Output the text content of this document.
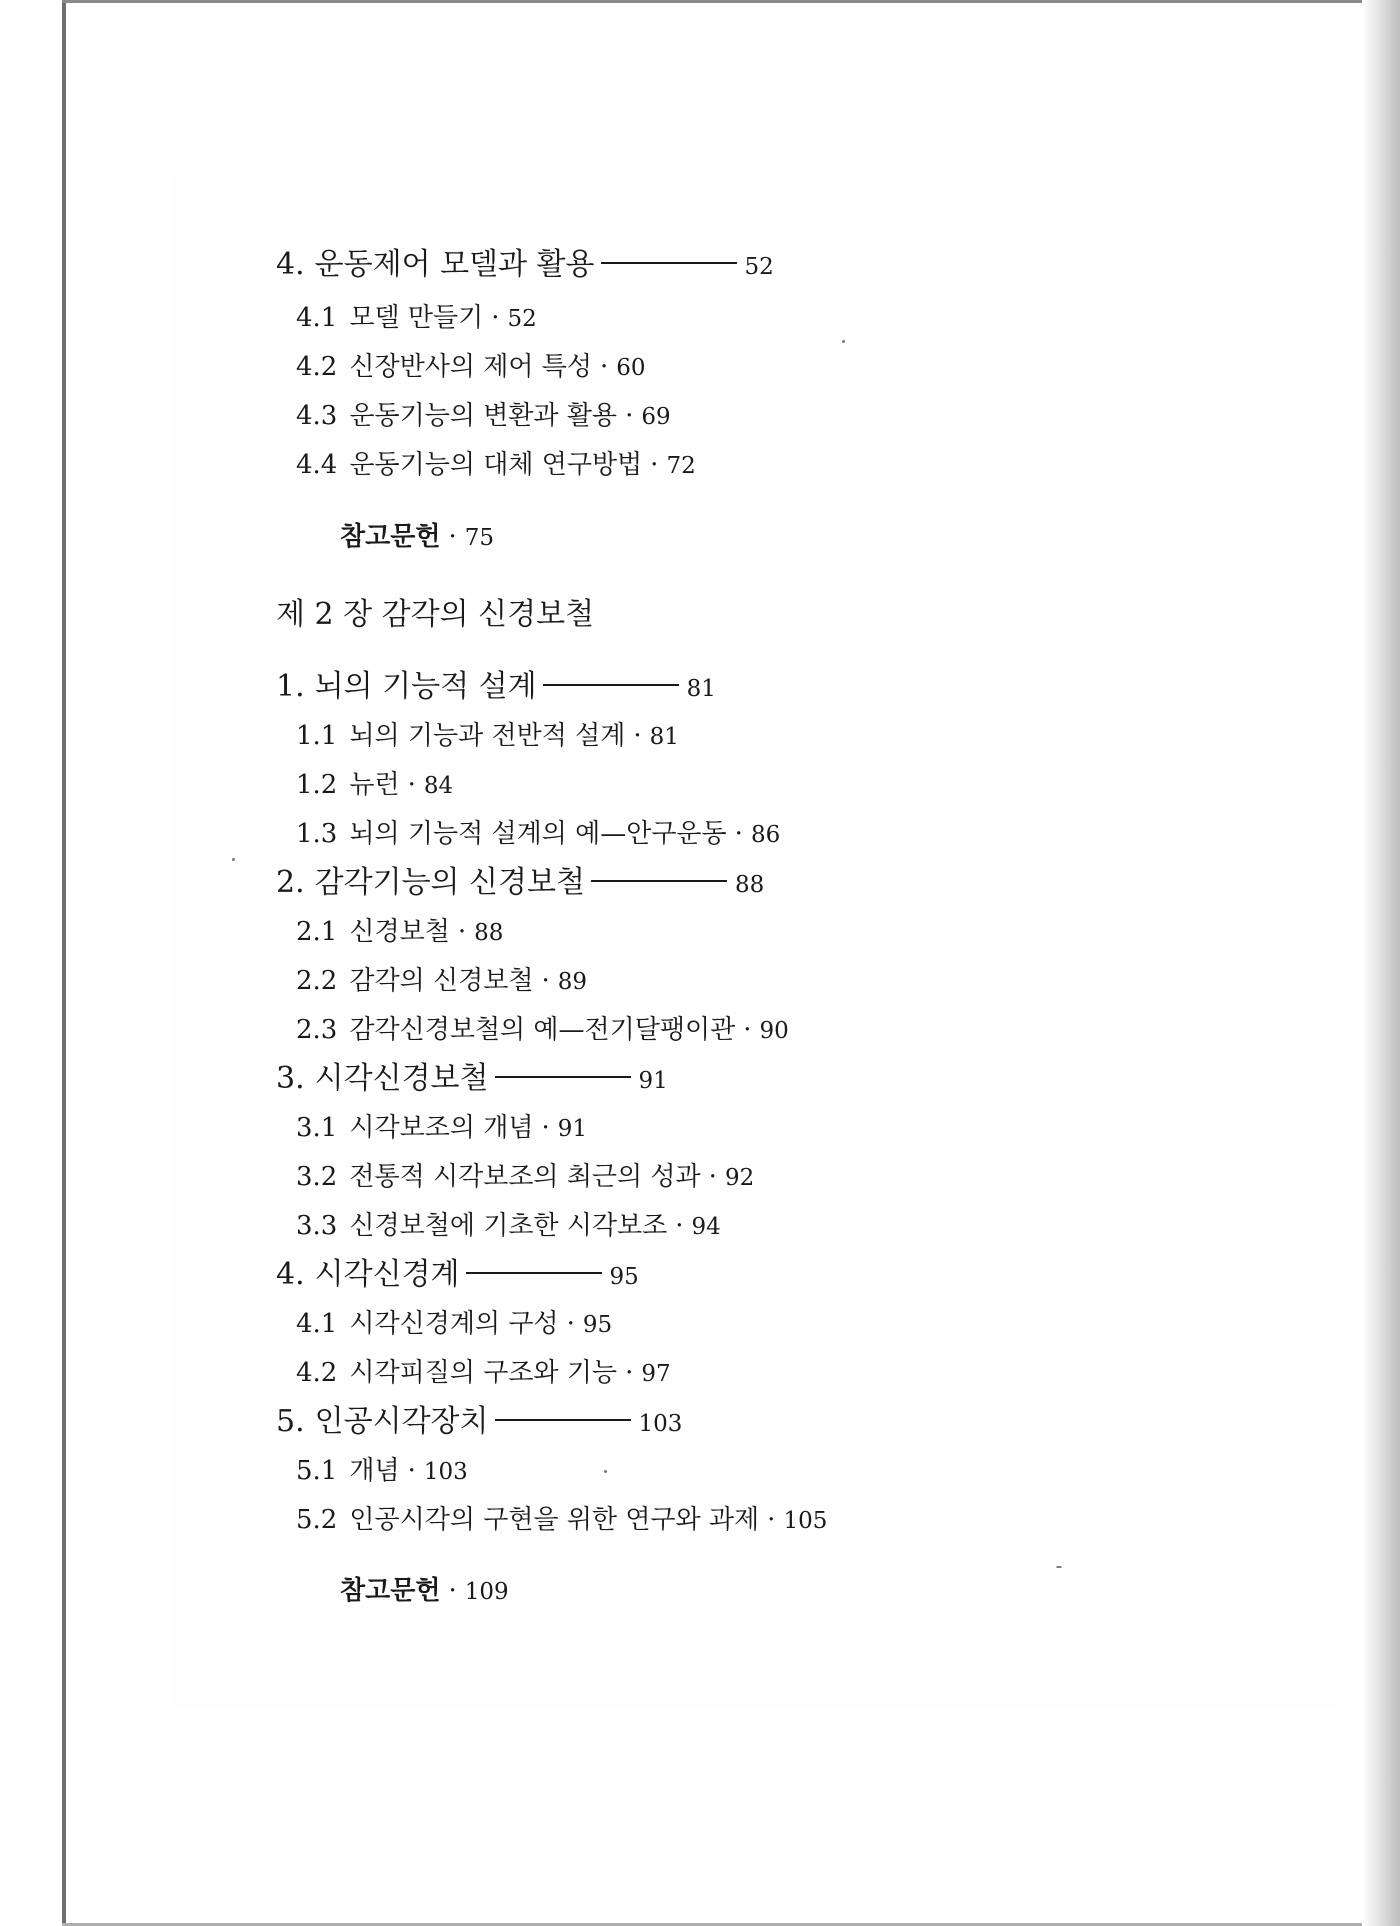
4. 운동제어 모델과 활용	52
4.1 모델 만들기 · 52
4.2 신장반사의 제어 특성 · 60
4.3 운동기능의 변환과 활용 · 69
4.4 운동기능의 대체 연구방법 · 72
참고문헌 · 75
제 2 장 감각의 신경보철
1. 뇌의 기능적 설계	81
1.1 뇌의 기능과 전반적 설계 · 81
1.2 뉴런 · 84
1.3 뇌의 기능적 설계의 예—안구운동 · 86
2. 감각기능의 신경보철	88
2.1 신경보철 · 88
2.2 감각의 신경보철 · 89
2.3 감각신경보철의 예—전기달팽이관 · 90
3. 시각신경보철	91
3.1 시각보조의 개념 · 91
3.2 전통적 시각보조의 최근의 성과 · 92
3.3 신경보철에 기초한 시각보조 · 94
4. 시각신경계	95
4.1 시각신경계의 구성 · 95
4.2 시각피질의 구조와 기능 · 97
5. 인공시각장치	103
5.1 개념 · 103
5.2 인공시각의 구현을 위한 연구와 과제 · 105
참고문헌 · 109
